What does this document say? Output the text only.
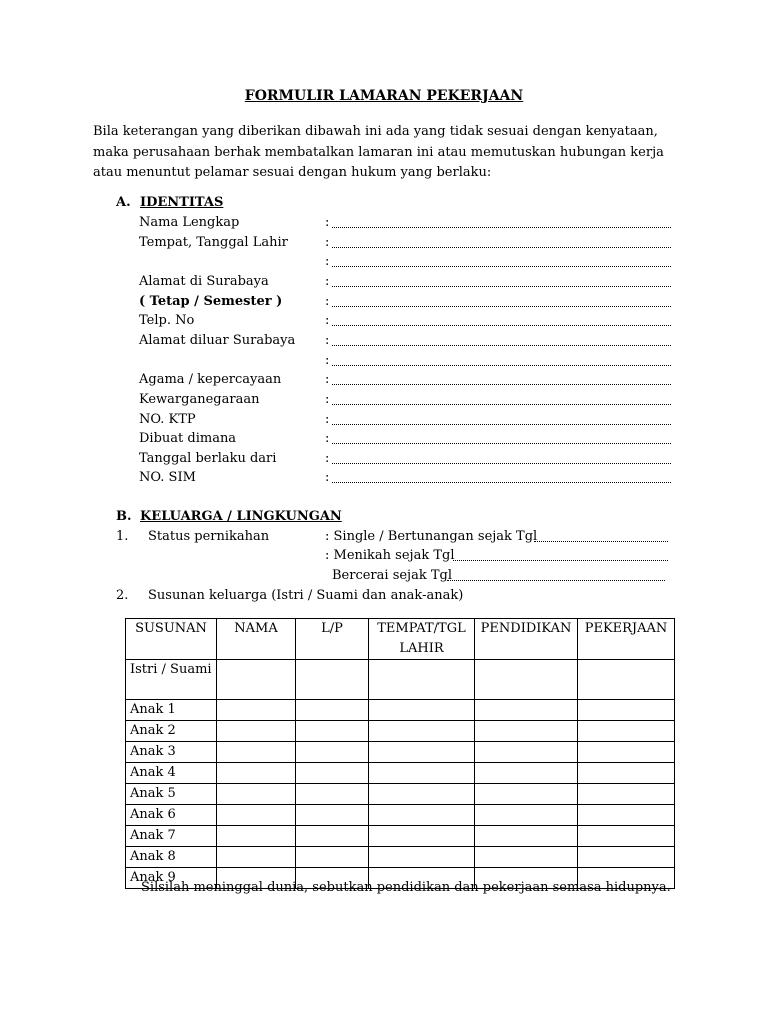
FORMULIR LAMARAN PEKERJAAN
Bila keterangan yang diberikan dibawah ini ada yang tidak sesuai dengan kenyataan,
maka perusahaan berhak membatalkan lamaran ini atau memutuskan hubungan kerja
atau menuntut pelamar sesuai dengan hukum yang berlaku:
A. IDENTITAS
Nama Lengkap	:
Tempat, Tanggal Lahir	:
:
Alamat di Surabaya	:
( Tetap / Semester )	:
Telp. No	:
Alamat diluar Surabaya :
:
Agama / kepercayaan	:
Kewarganegaraan	:
NO. KTP	:
Dibuat dimana	:
Tanggal berlaku dari	:
NO. SIM	:
B. KELUARGA / LINGKUNGAN
1. Status pernikahan	: Single / Bertunangan sejak Tgl
: Menikah sejak Tgl
Bercerai sejak Tgl
2. Susunan keluarga (Istri / Suami dan anak-anak)
SUSUNAN	NAMA	L/P	TEMPAT/TGL LAHIR	PENDIDIKAN	PEKERJAAN
Istri / Suami					
Anak 1					
Anak 2					
Anak 3					
Anak 4					
Anak 5					
Anak 6					
Anak 7					
Anak 8					
Anak 9					
Silsilah meninggal dunia, sebutkan pendidikan dan pekerjaan semasa hidupnya.
